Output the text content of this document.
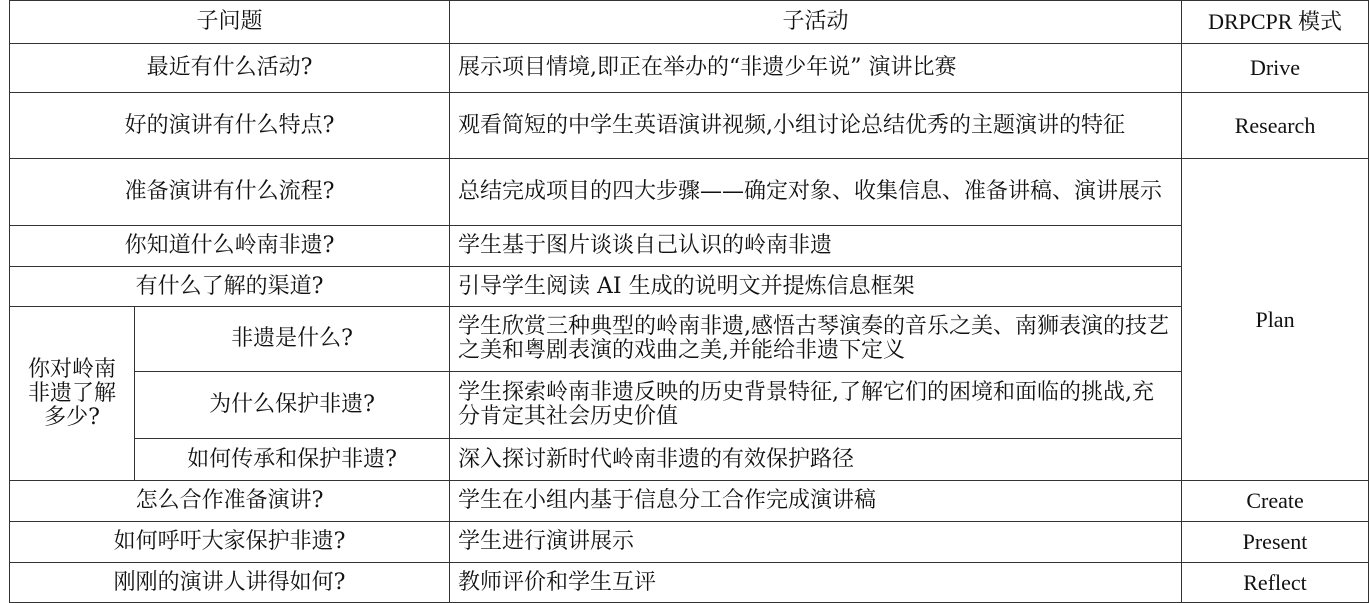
子问题		子活动	DRPCPR 模式
最近有什么活动?		展示项目情境,即正在举办的“非遗少年说” 演讲比赛	Drive
好的演讲有什么特点?		观看简短的中学生英语演讲视频,小组讨论总结优秀的主题演讲的特征	Research
准备演讲有什么流程?		总结完成项目的四大步骤——确定对象、收集信息、准备讲稿、演讲展示	Plan
你知道什么岭南非遗?		学生基于图片谈谈自己认识的岭南非遗	
有什么了解的渠道?		引导学生阅读 AI 生成的说明文并提炼信息框架	
你对岭南非遗了解多少?	非遗是什么?	学生欣赏三种典型的岭南非遗,感悟古琴演奏的音乐之美、南狮表演的技艺之美和粤剧表演的戏曲之美,并能给非遗下定义	
	为什么保护非遗?	学生探索岭南非遗反映的历史背景特征,了解它们的困境和面临的挑战,充分肯定其社会历史价值	
	如何传承和保护非遗?	深入探讨新时代岭南非遗的有效保护路径	
怎么合作准备演讲?		学生在小组内基于信息分工合作完成演讲稿	Create
如何呼吁大家保护非遗?		学生进行演讲展示	Present
刚刚的演讲人讲得如何?		教师评价和学生互评	Reflect
